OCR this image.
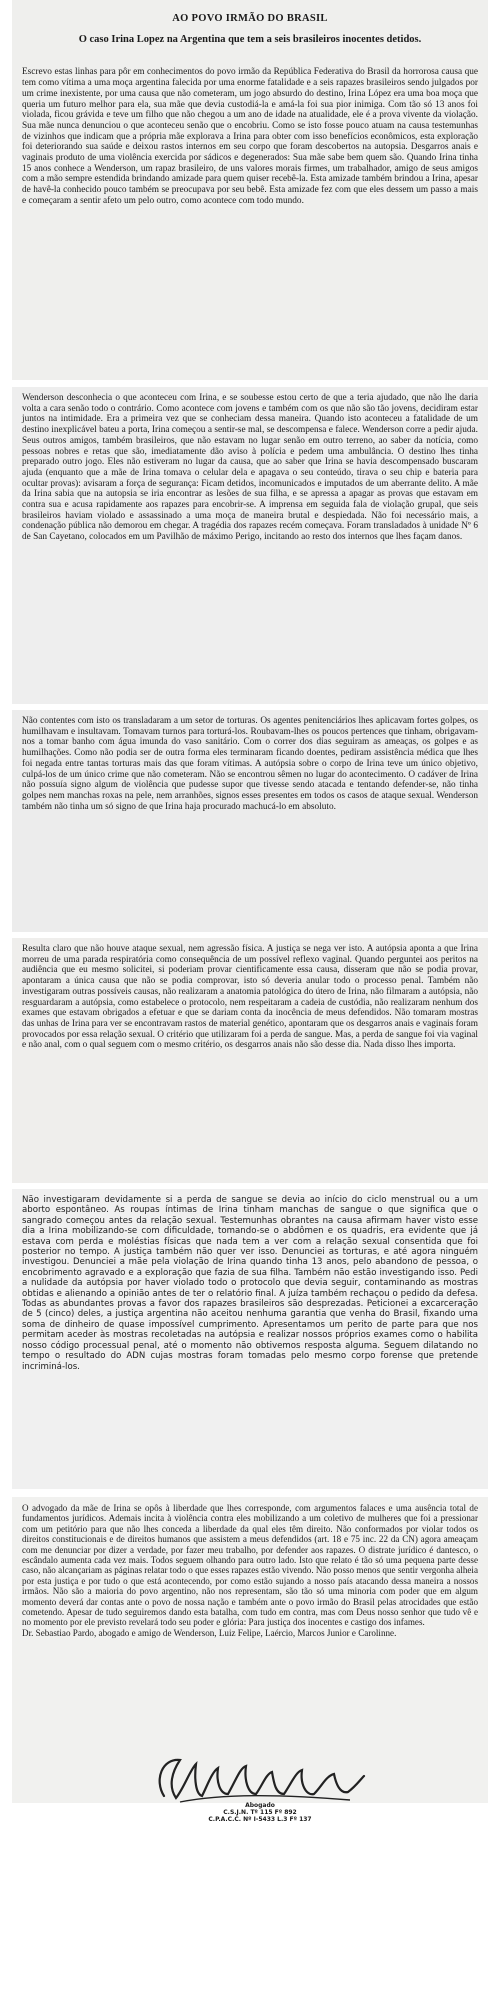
AO POVO IRMÃO DO BRASIL
O caso Irina Lopez na Argentina que tem a seis brasileiros inocentes detidos.

Escrevo estas linhas para pôr em conhecimentos do povo irmão da República Federativa do Brasil da horrorosa causa que tem como vítima a uma moça argentina falecida por uma enorme fatalidade e a seis rapazes brasileiros sendo julgados por um crime inexistente, por uma causa que não cometeram, um jogo absurdo do destino, Irina López era uma boa moça que queria um futuro melhor para ela, sua mãe que devia custodiá-la e amá-la foi sua pior inimiga. Com tão só 13 anos foi violada, ficou grávida e teve um filho que não chegou a um ano de idade na atualidade, ele é a prova vivente da violação. Sua mãe nunca denunciou o que aconteceu senão que o encobriu. Como se isto fosse pouco atuam na causa testemunhas de vizinhos que indicam que a própria mãe explorava a Irina para obter com isso benefícios econômicos, esta exploração foi deteriorando sua saúde e deixou rastos internos em seu corpo que foram descobertos na autopsia. Desgarros anais e vaginais produto de uma violência exercida por sádicos e degenerados: Sua mãe sabe bem quem são. Quando Irina tinha 15 anos conhece a Wenderson, um rapaz brasileiro, de uns valores morais firmes, um trabalhador, amigo de seus amigos com a mão sempre estendida brindando amizade para quem quiser recebê-la. Esta amizade também brindou a Irina, apesar de havê-la conhecido pouco também se preocupava por seu bebê. Esta amizade fez com que eles dessem um passo a mais e começaram a sentir afeto um pelo outro, como acontece com todo mundo.

Wenderson desconhecia o que aconteceu com Irina, e se soubesse estou certo de que a teria ajudado, que não lhe daria volta a cara senão todo o contrário. Como acontece com jovens e também com os que não são tão jovens, decidiram estar juntos na intimidade. Era a primeira vez que se conheciam dessa maneira. Quando isto aconteceu a fatalidade de um destino inexplicável bateu a porta, Irina começou a sentir-se mal, se descompensa e falece. Wenderson corre a pedir ajuda. Seus outros amigos, também brasileiros, que não estavam no lugar senão em outro terreno, ao saber da notícia, como pessoas nobres e retas que são, imediatamente dão aviso à polícia e pedem uma ambulância. O destino lhes tinha preparado outro jogo. Eles não estiveram no lugar da causa, que ao saber que Irina se havia descompensado buscaram ajuda (enquanto que a mãe de Irina tomava o celular dela e apagava o seu conteúdo, tirava o seu chip e bateria para ocultar provas): avisaram a força de segurança: Ficam detidos, incomunicados e imputados de um aberrante delito. A mãe da Irina sabia que na autopsia se iria encontrar as lesões de sua filha, e se apressa a apagar as provas que estavam em contra sua e acusa rapidamente aos rapazes para encobrir-se. A imprensa em seguida fala de violação grupal, que seis brasileiros haviam violado e assassinado a uma moça de maneira brutal e despiedada. Não foi necessário mais, a condenação pública não demorou em chegar. A tragédia dos rapazes recém começava. Foram transladados à unidade Nº 6 de San Cayetano, colocados em um Pavilhão de máximo Perigo, incitando ao resto dos internos que lhes façam danos.

Não contentes com isto os transladaram a um setor de torturas. Os agentes penitenciários lhes aplicavam fortes golpes, os humilhavam e insultavam. Tomavam turnos para torturá-los. Roubavam-lhes os poucos pertences que tinham, obrigavam-nos a tomar banho com água imunda do vaso sanitário. Com o correr dos dias seguiram as ameaças, os golpes e as humilhações. Como não podia ser de outra forma eles terminaram ficando doentes, pediram assistência médica que lhes foi negada entre tantas torturas mais das que foram vítimas. A autópsia sobre o corpo de Irina teve um único objetivo, culpá-los de um único crime que não cometeram. Não se encontrou sêmen no lugar do acontecimento. O cadáver de Irina não possuía signo algum de violência que pudesse supor que tivesse sendo atacada e tentando defender-se, não tinha golpes nem manchas roxas na pele, nem arranhões, signos esses presentes em todos os casos de ataque sexual. Wenderson também não tinha um só signo de que Irina haja procurado machucá-lo em absoluto.

Resulta claro que não houve ataque sexual, nem agressão física. A justiça se nega ver isto. A autópsia aponta a que Irina morreu de uma parada respiratória como consequência de um possível reflexo vaginal. Quando perguntei aos peritos na audiência que eu mesmo solicitei, si poderiam provar cientificamente essa causa, disseram que não se podia provar, apontaram a única causa que não se podia comprovar, isto só deveria anular todo o processo penal. Também não investigaram outras possíveis causas, não realizaram a anatomia patológica do útero de Irina, não filmaram a autópsia, não resguardaram a autópsia, como estabelece o protocolo, nem respeitaram a cadeia de custódia, não realizaram nenhum dos exames que estavam obrigados a efetuar e que se dariam conta da inocência de meus defendidos. Não tomaram mostras das unhas de Irina para ver se encontravam rastos de material genético, apontaram que os desgarros anais e vaginais foram provocados por essa relação sexual. O critério que utilizaram foi a perda de sangue. Mas, a perda de sangue foi via vaginal e não anal, com o qual seguem com o mesmo critério, os desgarros anais não são desse dia. Nada disso lhes importa.

Não investigaram devidamente si a perda de sangue se devia ao início do ciclo menstrual ou a um aborto espontâneo. As roupas íntimas de Irina tinham manchas de sangue o que significa que o sangrado começou antes da relação sexual. Testemunhas obrantes na causa afirmam haver visto esse dia a Irina mobilizando-se com dificuldade, tomando-se o abdômen e os quadris, era evidente que já estava com perda e moléstias físicas que nada tem a ver com a relação sexual consentida que foi posterior no tempo. A justiça também não quer ver isso. Denunciei as torturas, e até agora ninguém investigou. Denunciei a mãe pela violação de Irina quando tinha 13 anos, pelo abandono de pessoa, o encobrimento agravado e a exploração que fazia de sua filha. Também não estão investigando isso. Pedi a nulidade da autópsia por haver violado todo o protocolo que devia seguir, contaminando as mostras obtidas e alienando a opinião antes de ter o relatório final. A juíza também rechaçou o pedido da defesa. Todas as abundantes provas a favor dos rapazes brasileiros são desprezadas. Peticionei a excarceração de 5 (cinco) deles, a justiça argentina não aceitou nenhuma garantia que venha do Brasil, fixando uma soma de dinheiro de quase impossível cumprimento. Apresentamos um perito de parte para que nos permitam aceder às mostras recoletadas na autópsia e realizar nossos próprios exames como o habilita nosso código processual penal, até o momento não obtivemos resposta alguma. Seguem dilatando no tempo o resultado do ADN cujas mostras foram tomadas pelo mesmo corpo forense que pretende incriminá-los.

O advogado da mãe de Irina se opôs à liberdade que lhes corresponde, com argumentos falaces e uma ausência total de fundamentos jurídicos. Ademais incita à violência contra eles mobilizando a um coletivo de mulheres que foi a pressionar com um petitório para que não lhes conceda a liberdade da qual eles têm direito. Não conformados por violar todos os direitos constitucionais e de direitos humanos que assistem a meus defendidos (art. 18 e 75 inc. 22 da CN) agora ameaçam com me denunciar por dizer a verdade, por fazer meu trabalho, por defender aos rapazes. O distrate jurídico é dantesco, o escândalo aumenta cada vez mais. Todos seguem olhando para outro lado. Isto que relato é tão só uma pequena parte desse caso, não alcançariam as páginas relatar todo o que esses rapazes estão vivendo. Não posso menos que sentir vergonha alheia por esta justiça e por tudo o que está acontecendo, por como estão sujando a nosso país atacando dessa maneira a nossos irmãos. Não são a maioria do povo argentino, não nos representam, são tão só uma minoria com poder que em algum momento deverá dar contas ante o povo de nossa nação e também ante o povo irmão do Brasil pelas atrocidades que estão cometendo. Apesar de tudo seguiremos dando esta batalha, com tudo em contra, mas com Deus nosso senhor que tudo vê e no momento por ele previsto revelará todo seu poder e glória: Para justiça dos inocentes e castigo dos infames.

Dr. Sebastiao Pardo, abogado e amigo de Wenderson, Luiz Felipe, Laércio, Marcos Junior e Carolinne.

Abogado
C.S.J.N. Tº 115 Fº 892
C.P.A.C.C. Nº I-5433 L.3 Fº 137
